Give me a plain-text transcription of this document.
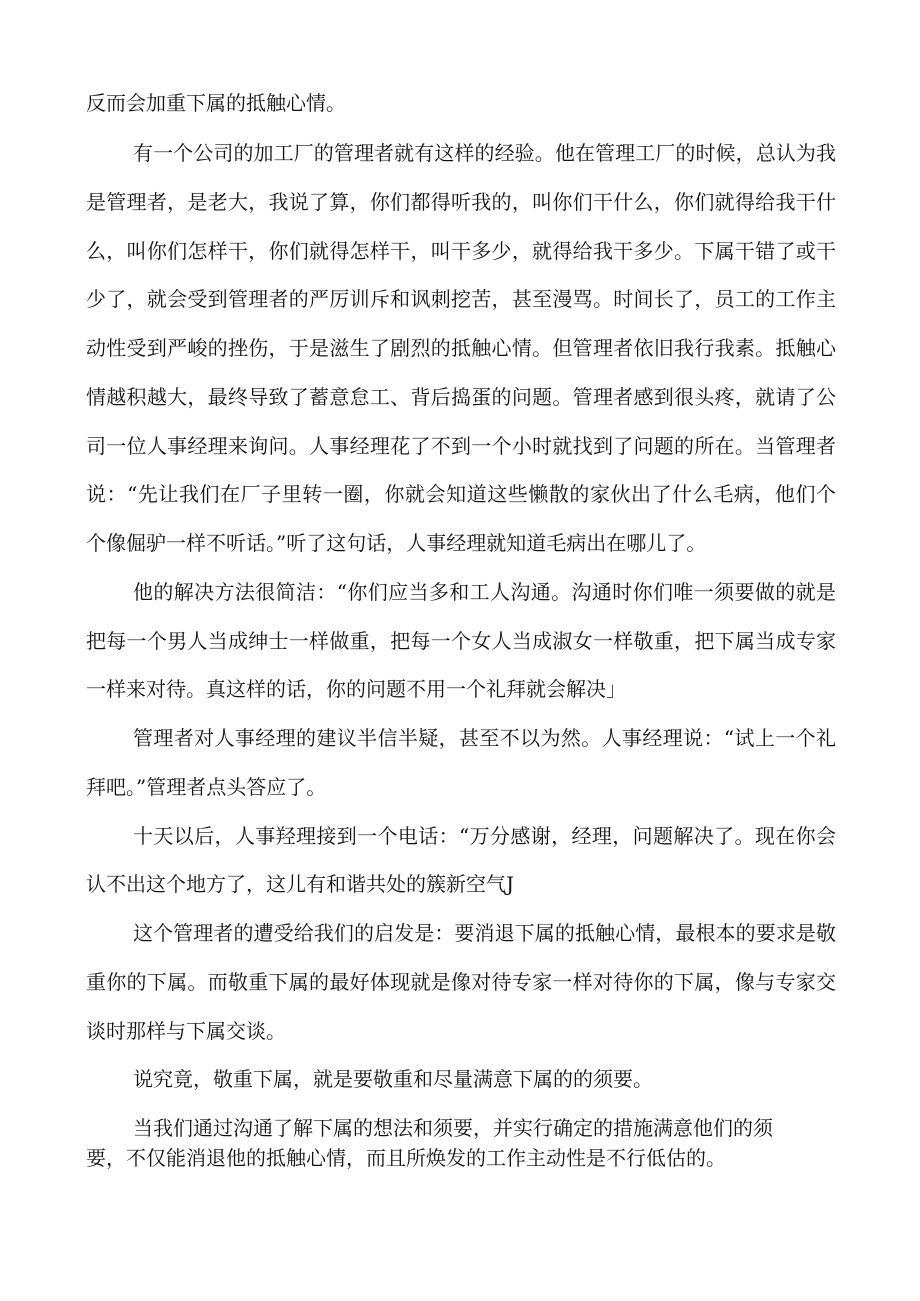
反而会加重下属的抵触心情。
有一个公司的加工厂的管理者就有这样的经验。他在管理工厂的时候，总认为我
是管理者，是老大，我说了算，你们都得听我的，叫你们干什么，你们就得给我干什
么，叫你们怎样干，你们就得怎样干，叫干多少，就得给我干多少。下属干错了或干
少了，就会受到管理者的严厉训斥和讽刺挖苦，甚至漫骂。时间长了，员工的工作主
动性受到严峻的挫伤，于是滋生了剧烈的抵触心情。但管理者依旧我行我素。抵触心
情越积越大，最终导致了蓄意怠工、背后捣蛋的问题。管理者感到很头疼，就请了公
司一位人事经理来询问。人事经理花了不到一个小时就找到了问题的所在。当管理者
说：“先让我们在厂子里转一圈，你就会知道这些懒散的家伙出了什么毛病，他们个
个像倔驴一样不听话。”听了这句话，人事经理就知道毛病出在哪儿了。
他的解决方法很简洁：“你们应当多和工人沟通。沟通时你们唯一须要做的就是
把每一个男人当成绅士一样做重，把每一个女人当成淑女一样敬重，把下属当成专家
一样来对待。真这样的话，你的问题不用一个礼拜就会解决」
管理者对人事经理的建议半信半疑，甚至不以为然。人事经理说：“试上一个礼
拜吧。”管理者点头答应了。
十天以后，人事羟理接到一个电话：“万分感谢，经理，问题解决了。现在你会
认不出这个地方了，这儿有和谐共处的簇新空气J
这个管理者的遭受给我们的启发是：要消退下属的抵触心情，最根本的要求是敬
重你的下属。而敬重下属的最好体现就是像对待专家一样对待你的下属，像与专家交
谈时那样与下属交谈。
说究竟，敬重下属，就是要敬重和尽量满意下属的的须要。
当我们通过沟通了解下属的想法和须要，并实行确定的措施满意他们的须
要，不仅能消退他的抵触心情，而且所焕发的工作主动性是不行低估的。
